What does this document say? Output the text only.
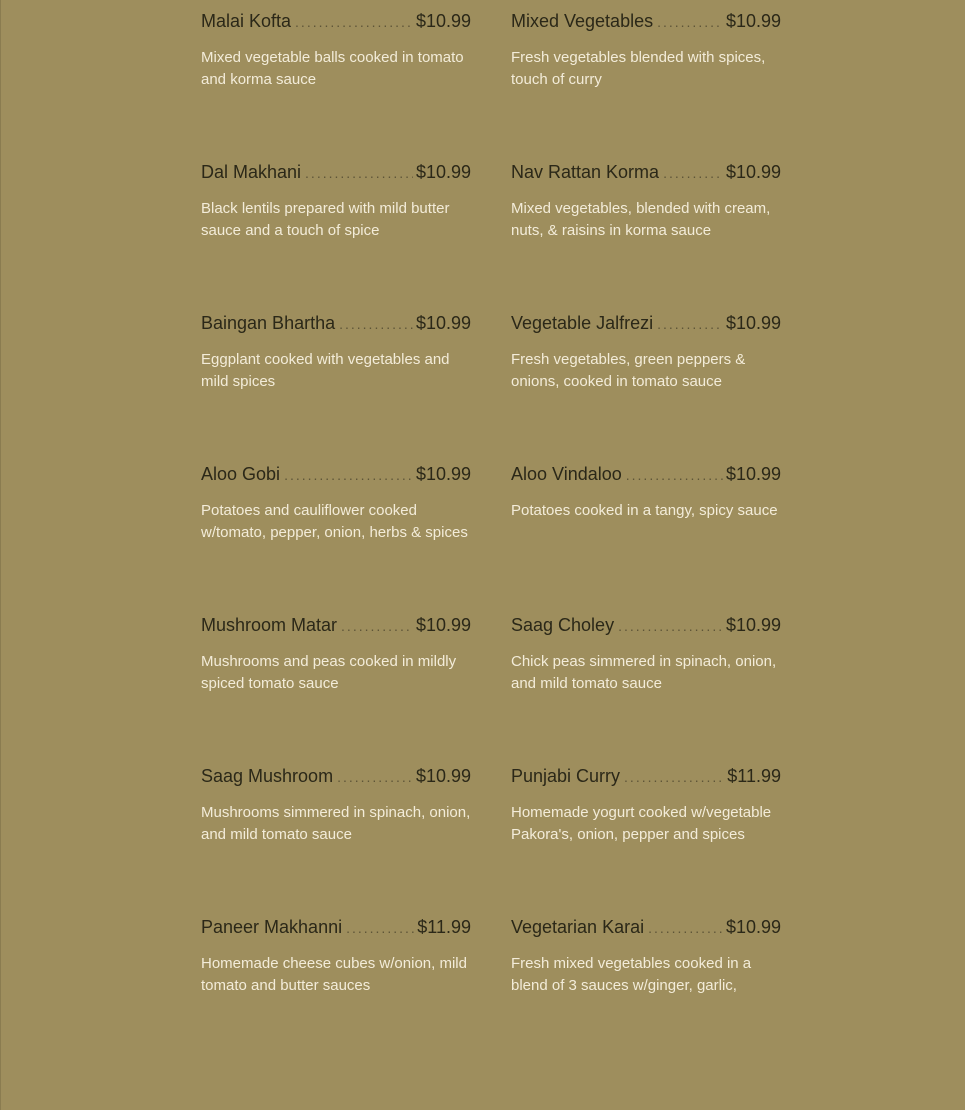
Malai Kofta .....	$10.99
Mixed vegetable balls cooked in tomato and korma sauce
Mixed Vegetables .....	$10.99
Fresh vegetables blended with spices, touch of curry
Dal Makhani .....	$10.99
Black lentils prepared with mild butter sauce and a touch of spice
Nav Rattan Korma .....	$10.99
Mixed vegetables, blended with cream, nuts, & raisins in korma sauce
Baingan Bhartha .....	$10.99
Eggplant cooked with vegetables and mild spices
Vegetable Jalfrezi .....	$10.99
Fresh vegetables, green peppers & onions, cooked in tomato sauce
Aloo Gobi .....	$10.99
Potatoes and cauliflower cooked w/tomato, pepper, onion, herbs & spices
Aloo Vindaloo .....	$10.99
Potatoes cooked in a tangy, spicy sauce
Mushroom Matar .....	$10.99
Mushrooms and peas cooked in mildly spiced tomato sauce
Saag Choley .....	$10.99
Chick peas simmered in spinach, onion, and mild tomato sauce
Saag Mushroom .....	$10.99
Mushrooms simmered in spinach, onion, and mild tomato sauce
Punjabi Curry .....	$11.99
Homemade yogurt cooked w/vegetable Pakora's, onion, pepper and spices
Paneer Makhanni .....	$11.99
Homemade cheese cubes w/onion, mild tomato and butter sauces
Vegetarian Karai .....	$10.99
Fresh mixed vegetables cooked in a blend of 3 sauces w/ginger, garlic,
